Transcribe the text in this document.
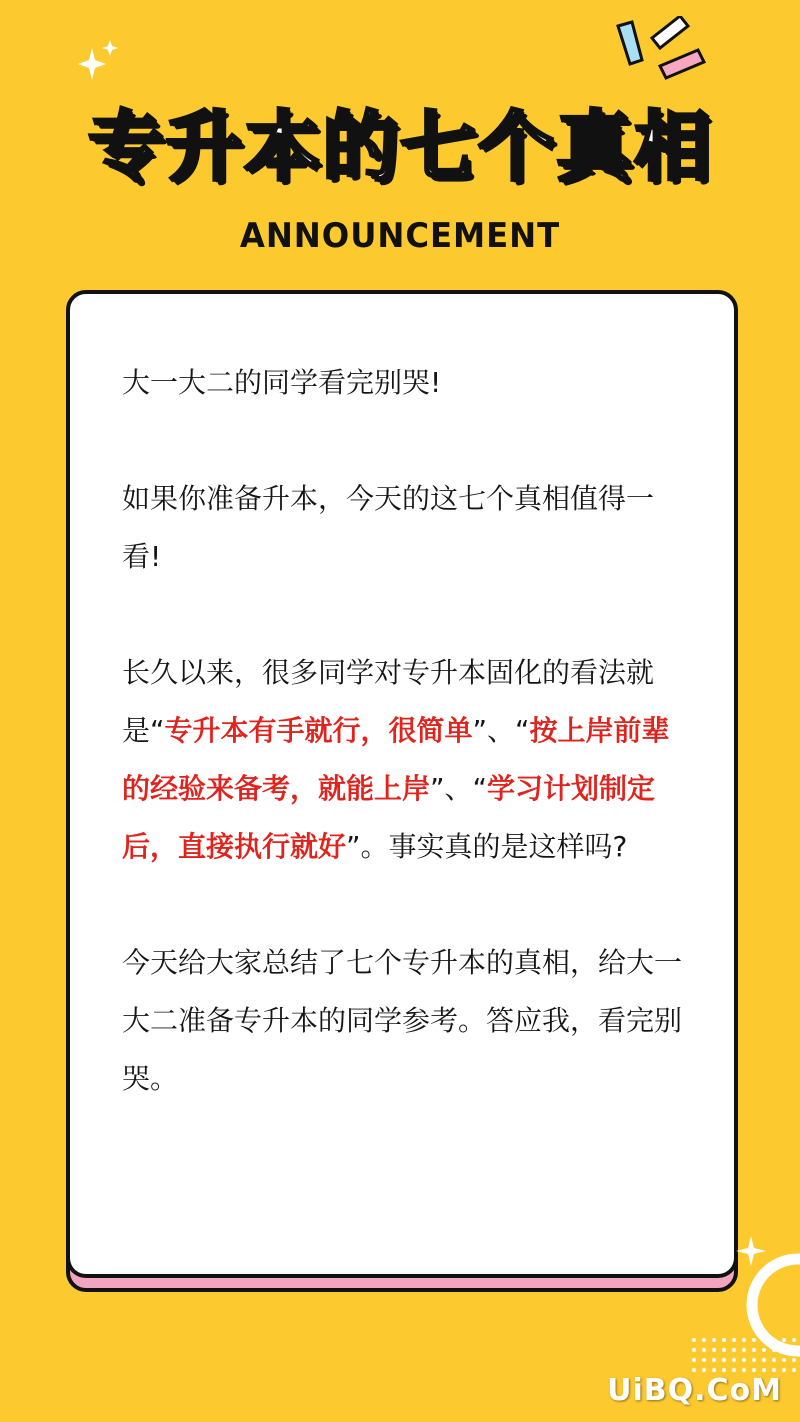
专升本的七个真相
ANNOUNCEMENT

大一大二的同学看完别哭!

如果你准备升本，今天的这七个真相值得一看!

长久以来，很多同学对专升本固化的看法就是“专升本有手就行，很简单”、“按上岸前辈的经验来备考，就能上岸”、“学习计划制定后，直接执行就好”。事实真的是这样吗?

今天给大家总结了七个专升本的真相，给大一大二准备专升本的同学参考。答应我，看完别哭。

UiBQ.CoM
